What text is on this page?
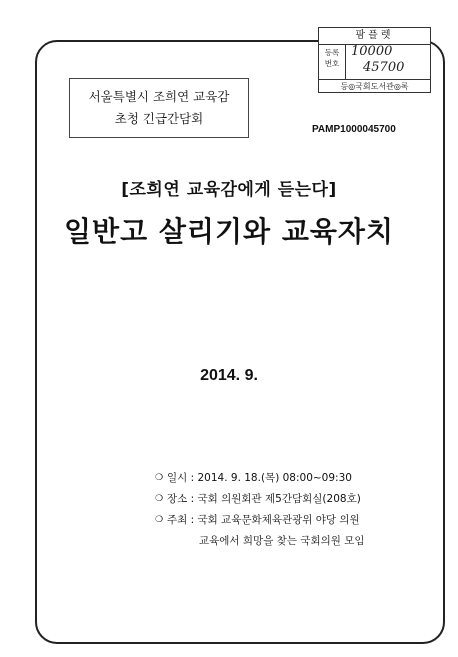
팜플렛
등록
번호
10000
45700
등◎국회도서관◎록
서울특별시 조희연 교육감
초청 긴급간담회
PAMP1000045700
[조희연 교육감에게 듣는다]
일반고 살리기와 교육자치
2014. 9.
❍ 일시 : 2014. 9. 18.(목) 08:00~09:30
❍ 장소 : 국회 의원회관 제5간담회실(208호)
❍ 주최 : 국회 교육문화체육관광위 야당 의원
교육에서 희망을 찾는 국회의원 모임
